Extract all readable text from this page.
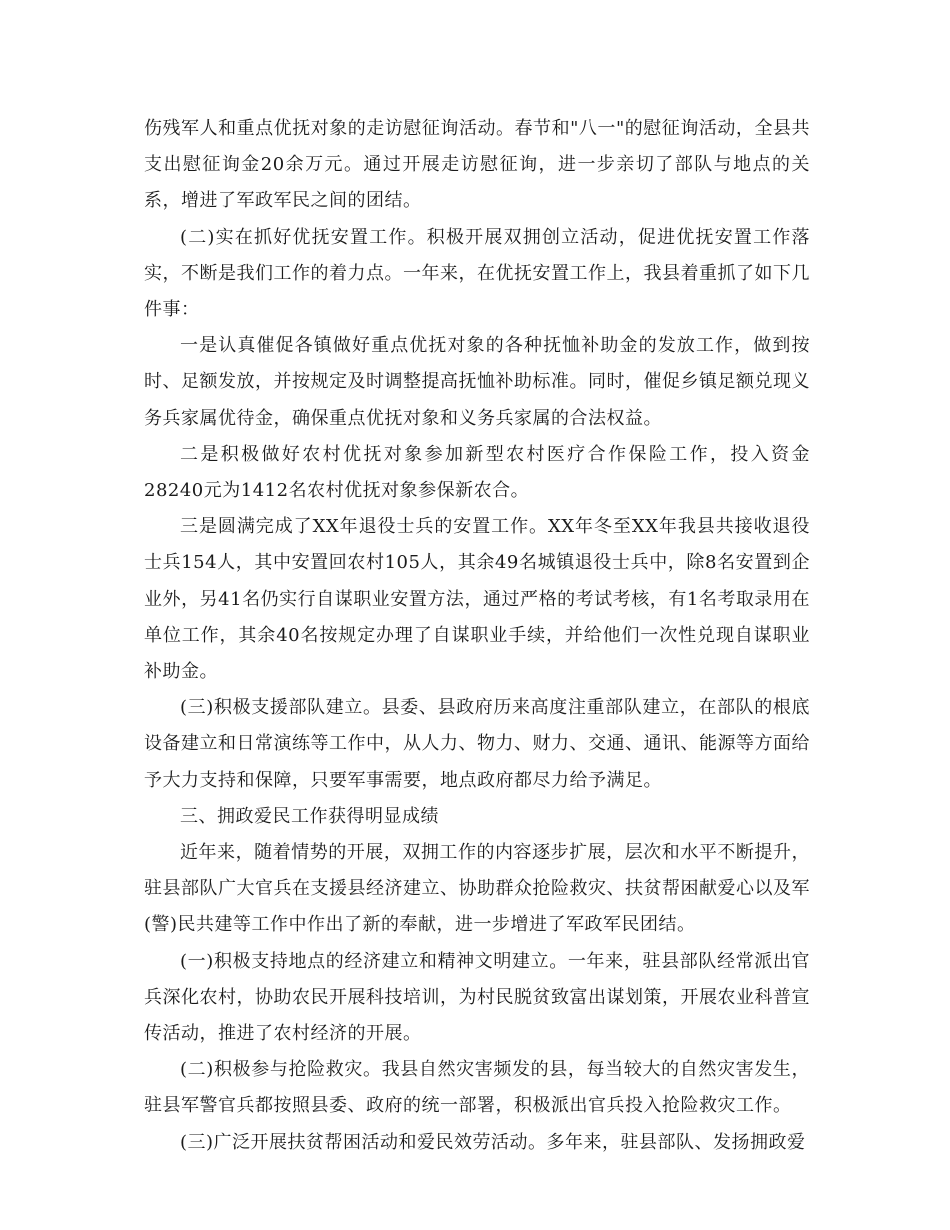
伤残军人和重点优抚对象的走访慰征询活动。春节和"八一"的慰征询活动，全县共支出慰征询金20余万元。通过开展走访慰征询，进一步亲切了部队与地点的关系，增进了军政军民之间的团结。

(二)实在抓好优抚安置工作。积极开展双拥创立活动，促进优抚安置工作落实，不断是我们工作的着力点。一年来，在优抚安置工作上，我县着重抓了如下几件事：

一是认真催促各镇做好重点优抚对象的各种抚恤补助金的发放工作，做到按时、足额发放，并按规定及时调整提高抚恤补助标准。同时，催促乡镇足额兑现义务兵家属优待金，确保重点优抚对象和义务兵家属的合法权益。

二是积极做好农村优抚对象参加新型农村医疗合作保险工作，投入资金28240元为1412名农村优抚对象参保新农合。

三是圆满完成了XX年退役士兵的安置工作。XX年冬至XX年我县共接收退役士兵154人，其中安置回农村105人，其余49名城镇退役士兵中，除8名安置到企业外，另41名仍实行自谋职业安置方法，通过严格的考试考核，有1名考取录用在单位工作，其余40名按规定办理了自谋职业手续，并给他们一次性兑现自谋职业补助金。

(三)积极支援部队建立。县委、县政府历来高度注重部队建立，在部队的根底设备建立和日常演练等工作中，从人力、物力、财力、交通、通讯、能源等方面给予大力支持和保障，只要军事需要，地点政府都尽力给予满足。

三、拥政爱民工作获得明显成绩

近年来，随着情势的开展，双拥工作的内容逐步扩展，层次和水平不断提升，驻县部队广大官兵在支援县经济建立、协助群众抢险救灾、扶贫帮困献爱心以及军(警)民共建等工作中作出了新的奉献，进一步增进了军政军民团结。

(一)积极支持地点的经济建立和精神文明建立。一年来，驻县部队经常派出官兵深化农村，协助农民开展科技培训，为村民脱贫致富出谋划策，开展农业科普宣传活动，推进了农村经济的开展。

(二)积极参与抢险救灾。我县自然灾害频发的县，每当较大的自然灾害发生，驻县军警官兵都按照县委、政府的统一部署，积极派出官兵投入抢险救灾工作。

(三)广泛开展扶贫帮困活动和爱民效劳活动。多年来，驻县部队、发扬拥政爱
